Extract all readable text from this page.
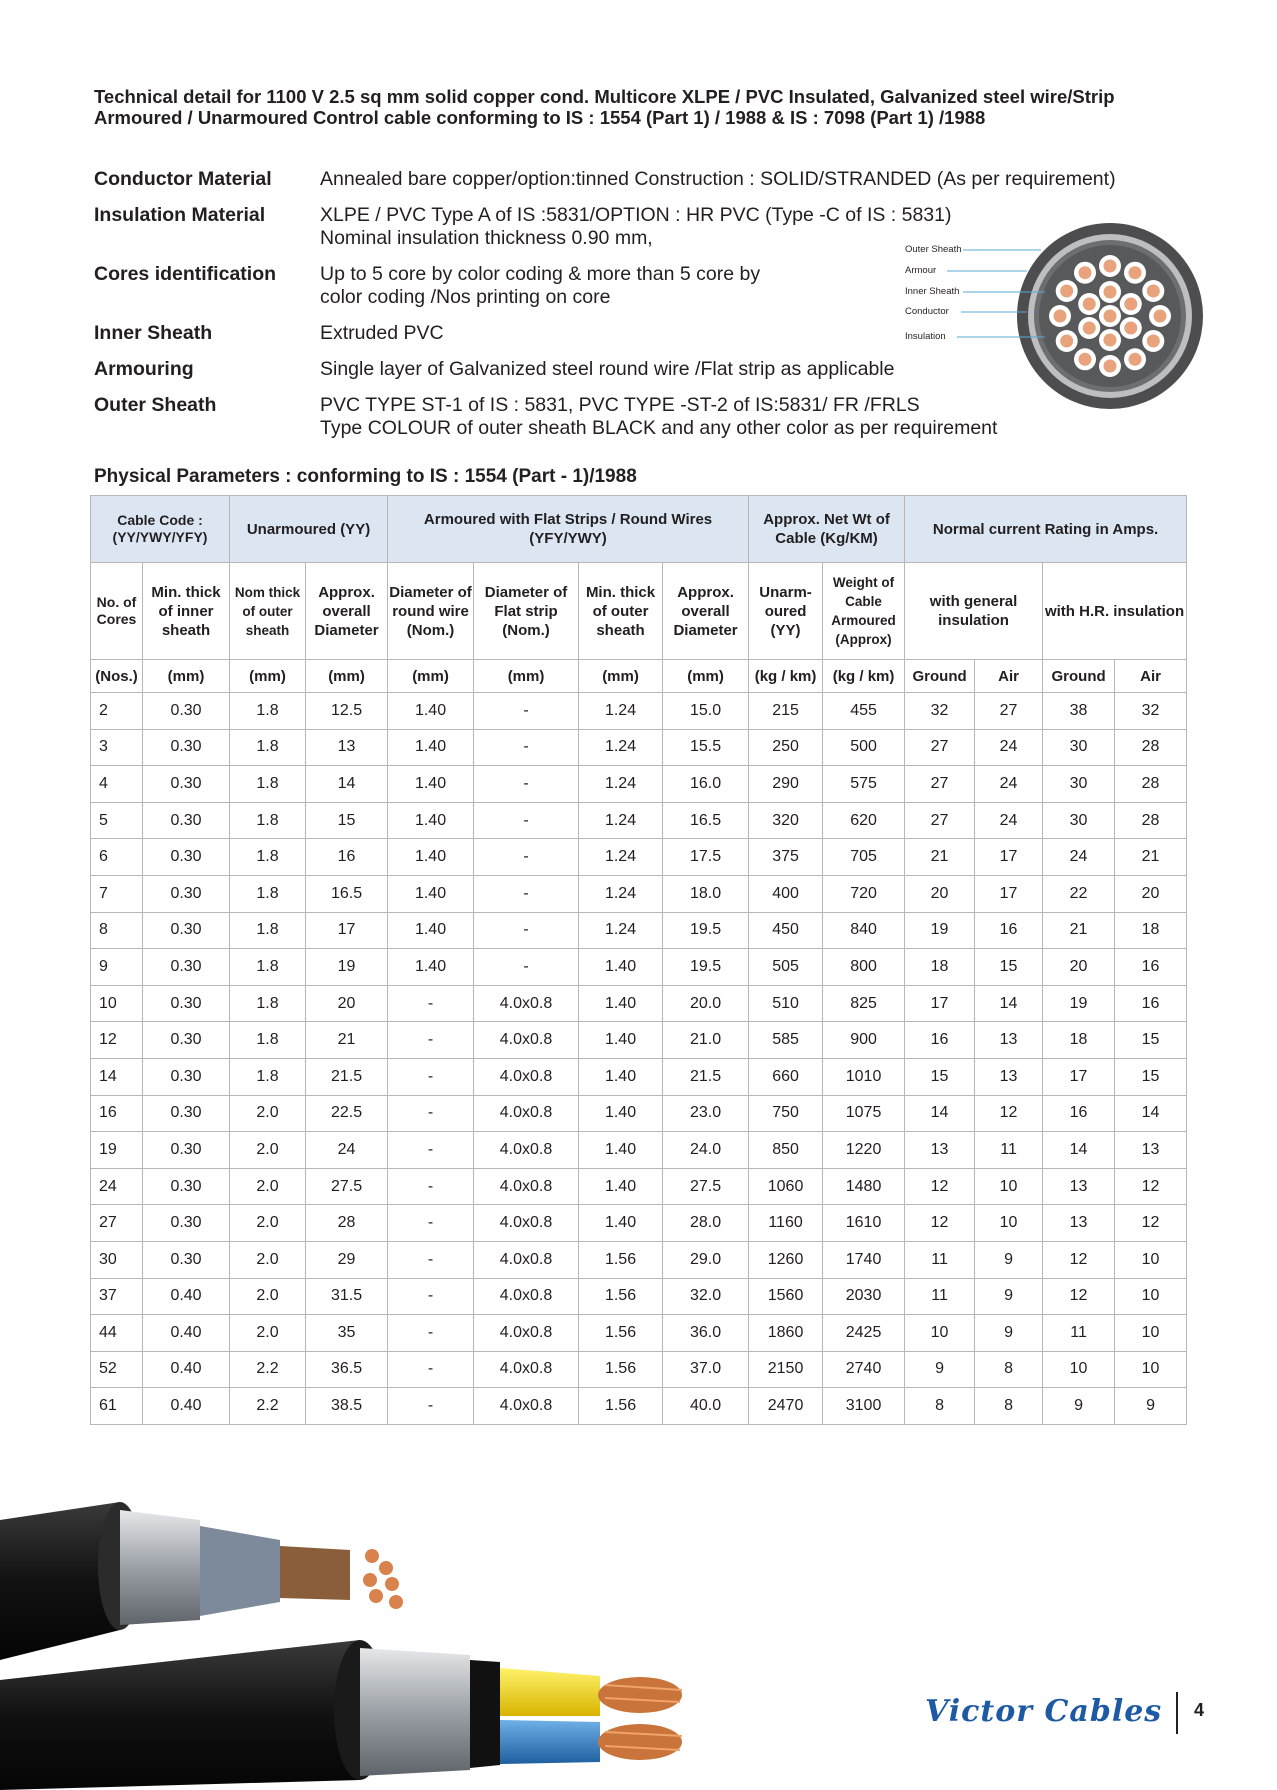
Technical detail for 1100 V 2.5 sq mm solid copper cond. Multicore XLPE / PVC Insulated, Galvanized steel wire/Strip Armoured / Unarmoured Control cable conforming to IS : 1554 (Part 1) / 1988 & IS : 7098 (Part 1) /1988
Conductor Material	Annealed bare copper/option:tinned Construction : SOLID/STRANDED (As per requirement)
Insulation Material	XLPE / PVC Type A of IS :5831/OPTION : HR PVC (Type -C of IS : 5831)
Nominal insulation thickness 0.90 mm,
Cores identification	Up to 5 core by color coding & more than 5 core by
color coding /Nos printing on core
Inner Sheath	Extruded PVC
Armouring	Single layer of Galvanized steel round wire /Flat strip as applicable
Outer Sheath	PVC TYPE ST-1 of IS : 5831, PVC TYPE -ST-2 of IS:5831/ FR /FRLS
Type COLOUR of outer sheath BLACK and any other color as per requirement
Outer Sheath
Armour
Inner Sheath
Conductor
Insulation
Physical Parameters : conforming to IS : 1554 (Part - 1)/1988
Cable Code : (YY/YWY/YFY)		Unarmoured (YY)		Armoured with Flat Strips / Round Wires (YFY/YWY)				Approx. Net Wt of Cable (Kg/KM)		Normal current Rating in Amps.			
No. of Cores	Min. thick of inner sheath	Nom thick of outer sheath	Approx. overall Diameter	Diameter of round wire (Nom.)	Diameter of Flat strip (Nom.)	Min. thick of outer sheath	Approx. overall Diameter	Unarm- oured (YY)	Weight of Cable Armoured (Approx)	with general insulation		with H.R. insulation	
(Nos.)	(mm)	(mm)	(mm)	(mm)	(mm)	(mm)	(mm)	(kg / km)	(kg / km)	Ground	Air	Ground	Air
2	0.30	1.8	12.5	1.40	-	1.24	15.0	215	455	32	27	38	32
3	0.30	1.8	13	1.40	-	1.24	15.5	250	500	27	24	30	28
4	0.30	1.8	14	1.40	-	1.24	16.0	290	575	27	24	30	28
5	0.30	1.8	15	1.40	-	1.24	16.5	320	620	27	24	30	28
6	0.30	1.8	16	1.40	-	1.24	17.5	375	705	21	17	24	21
7	0.30	1.8	16.5	1.40	-	1.24	18.0	400	720	20	17	22	20
8	0.30	1.8	17	1.40	-	1.24	19.5	450	840	19	16	21	18
9	0.30	1.8	19	1.40	-	1.40	19.5	505	800	18	15	20	16
10	0.30	1.8	20	-	4.0x0.8	1.40	20.0	510	825	17	14	19	16
12	0.30	1.8	21	-	4.0x0.8	1.40	21.0	585	900	16	13	18	15
14	0.30	1.8	21.5	-	4.0x0.8	1.40	21.5	660	1010	15	13	17	15
16	0.30	2.0	22.5	-	4.0x0.8	1.40	23.0	750	1075	14	12	16	14
19	0.30	2.0	24	-	4.0x0.8	1.40	24.0	850	1220	13	11	14	13
24	0.30	2.0	27.5	-	4.0x0.8	1.40	27.5	1060	1480	12	10	13	12
27	0.30	2.0	28	-	4.0x0.8	1.40	28.0	1160	1610	12	10	13	12
30	0.30	2.0	29	-	4.0x0.8	1.56	29.0	1260	1740	11	9	12	10
37	0.40	2.0	31.5	-	4.0x0.8	1.56	32.0	1560	2030	11	9	12	10
44	0.40	2.0	35	-	4.0x0.8	1.56	36.0	1860	2425	10	9	11	10
52	0.40	2.2	36.5	-	4.0x0.8	1.56	37.0	2150	2740	9	8	10	10
61	0.40	2.2	38.5	-	4.0x0.8	1.56	40.0	2470	3100	8	8	9	9
Victor Cables 4
